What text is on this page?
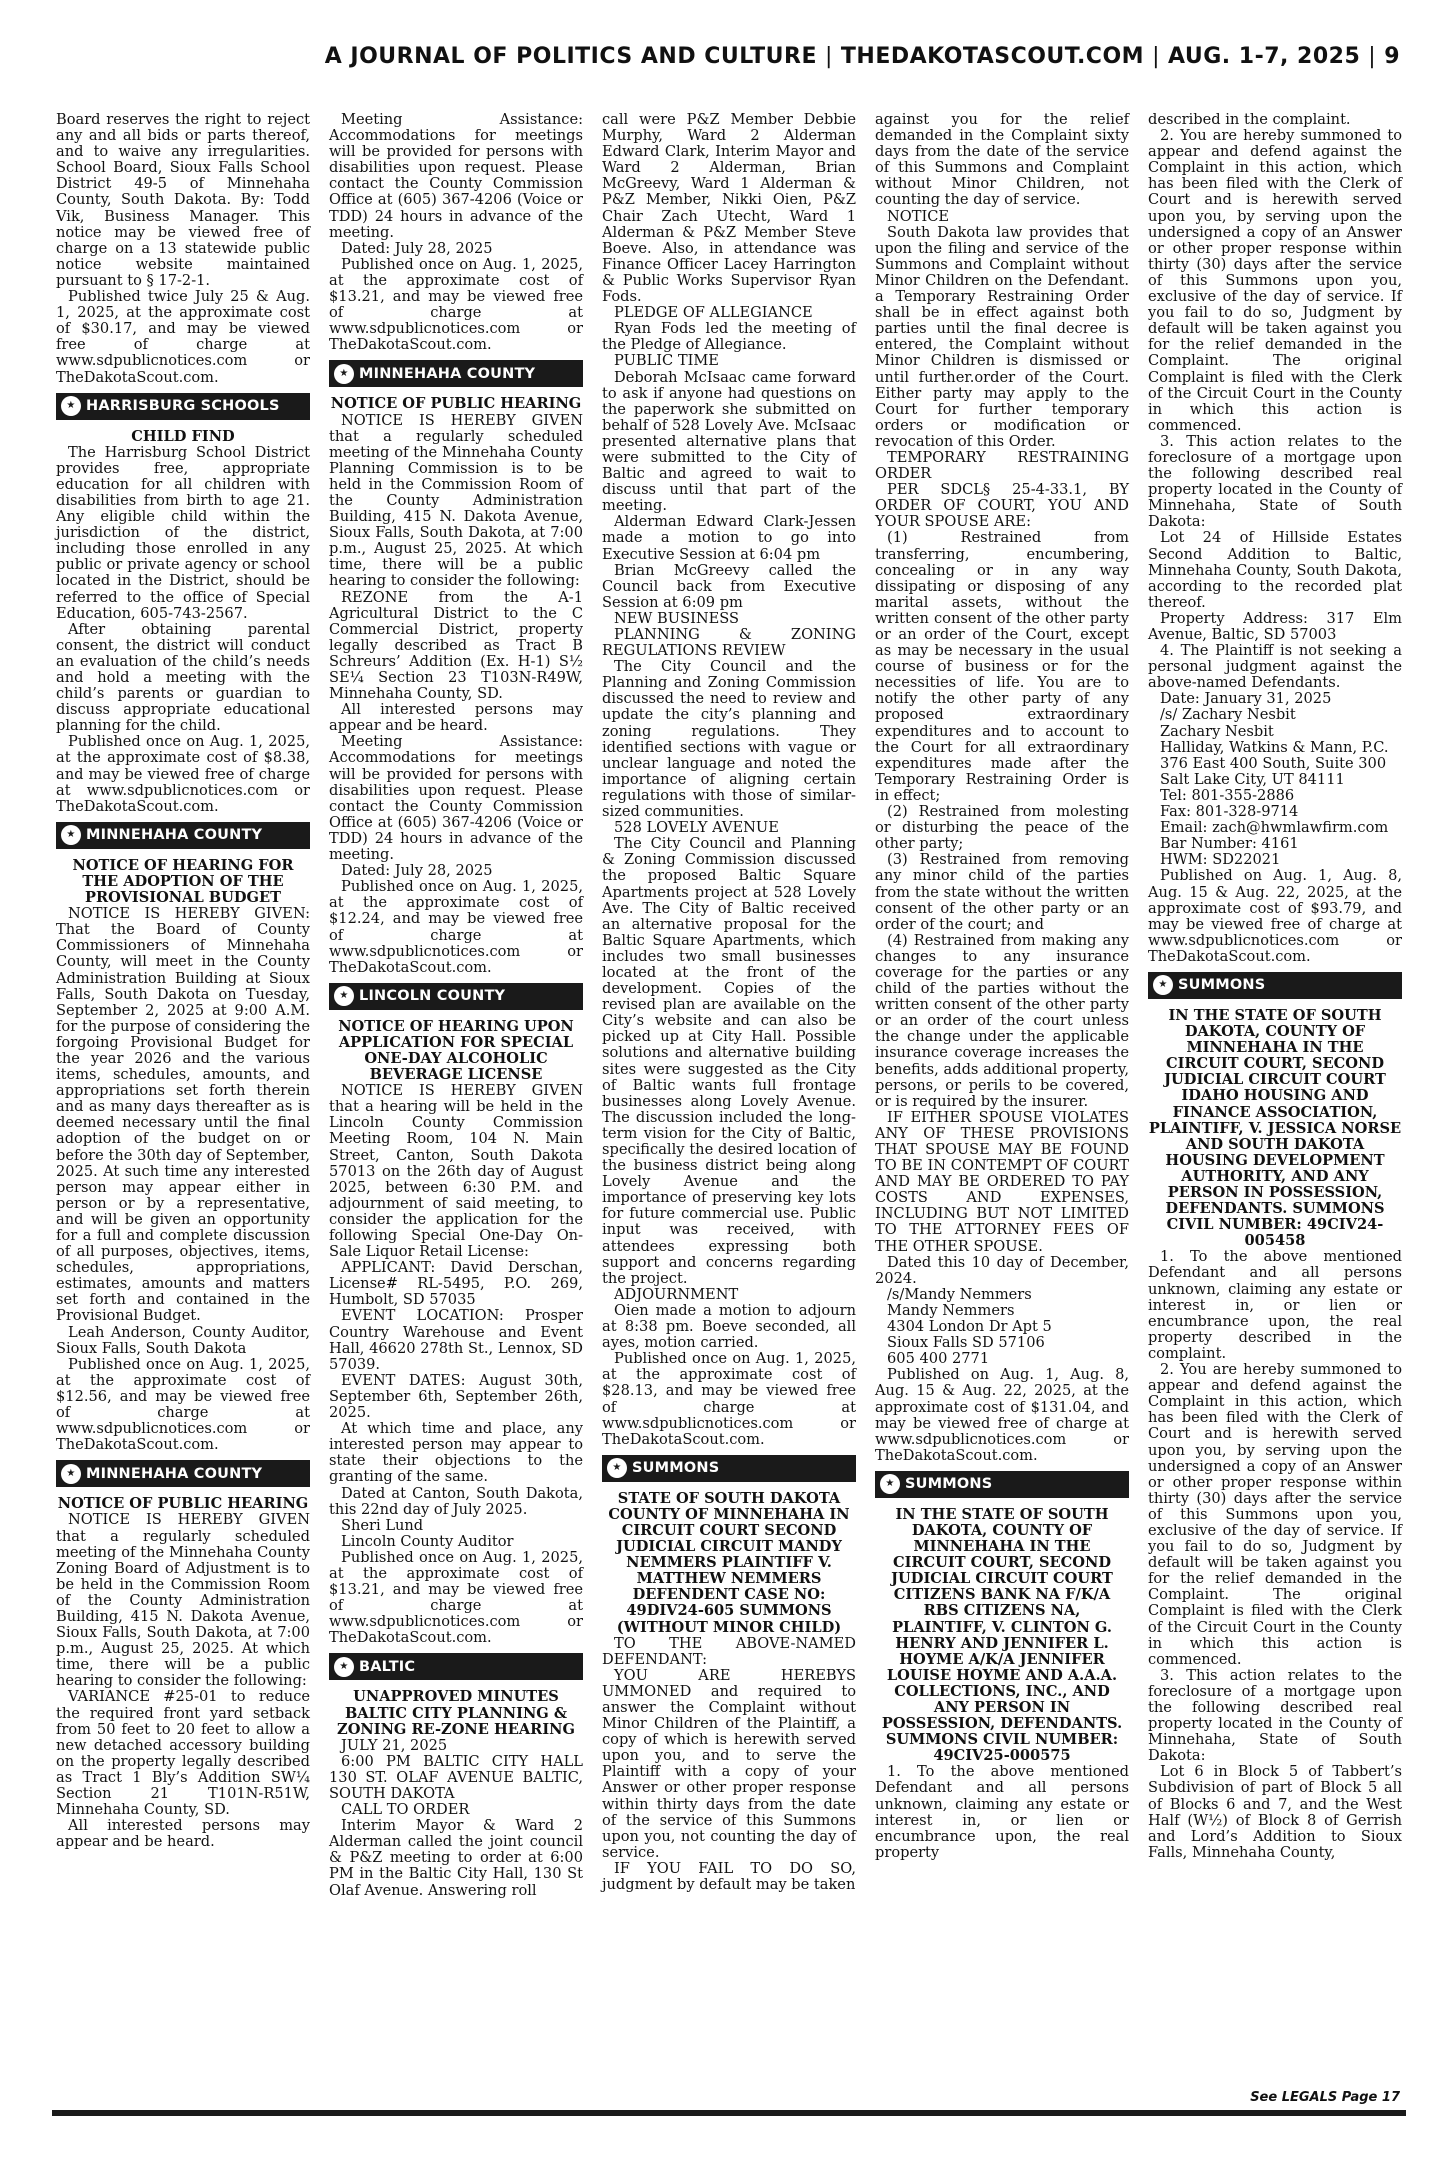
A JOURNAL OF POLITICS AND CULTURE | THEDAKOTASCOUT.COM | AUG. 1-7, 2025 | 9

Board reserves the right to reject any and all bids or parts thereof, and to waive any irregularities. School Board, Sioux Falls School District 49-5 of Minnehaha County, South Dakota. By: Todd Vik, Business Manager. This notice may be viewed free of charge on a 13 statewide public notice website maintained pursuant to § 17-2-1.

Published twice July 25 & Aug. 1, 2025, at the approximate cost of $30.17, and may be viewed free of charge at www.sdpublicnotices.com or TheDakotaScout.com.

★ HARRISBURG SCHOOLS

CHILD FIND

The Harrisburg School District provides free, appropriate education for all children with disabilities from birth to age 21. Any eligible child within the jurisdiction of the district, including those enrolled in any public or private agency or school located in the District, should be referred to the office of Special Education, 605-743-2567.

After obtaining parental consent, the district will conduct an evaluation of the child’s needs and hold a meeting with the child’s parents or guardian to discuss appropriate educational planning for the child.

Published once on Aug. 1, 2025, at the approximate cost of $8.38, and may be viewed free of charge at www.sdpublicnotices.com or TheDakotaScout.com.

★ MINNEHAHA COUNTY

NOTICE OF HEARING FOR THE ADOPTION OF THE PROVISIONAL BUDGET

NOTICE IS HEREBY GIVEN: That the Board of County Commissioners of Minnehaha County, will meet in the County Administration Building at Sioux Falls, South Dakota on Tuesday, September 2, 2025 at 9:00 A.M. for the purpose of considering the forgoing Provisional Budget for the year 2026 and the various items, schedules, amounts, and appropriations set forth therein and as many days thereafter as is deemed necessary until the final adoption of the budget on or before the 30th day of September, 2025. At such time any interested person may appear either in person or by a representative, and will be given an opportunity for a full and complete discussion of all purposes, objectives, items, schedules, appropriations, estimates, amounts and matters set forth and contained in the Provisional Budget.

Leah Anderson, County Auditor, Sioux Falls, South Dakota

Published once on Aug. 1, 2025, at the approximate cost of $12.56, and may be viewed free of charge at www.sdpublicnotices.com or TheDakotaScout.com.

★ MINNEHAHA COUNTY

NOTICE OF PUBLIC HEARING

NOTICE IS HEREBY GIVEN that a regularly scheduled meeting of the Minnehaha County Zoning Board of Adjustment is to be held in the Commission Room of the County Administration Building, 415 N. Dakota Avenue, Sioux Falls, South Dakota, at 7:00 p.m., August 25, 2025. At which time, there will be a public hearing to consider the following:

VARIANCE #25-01 to reduce the required front yard setback from 50 feet to 20 feet to allow a new detached accessory building on the property legally described as Tract 1 Bly’s Addition SW¼ Section 21 T101N-R51W, Minnehaha County, SD.

All interested persons may appear and be heard.

Meeting Assistance: Accommodations for meetings will be provided for persons with disabilities upon request. Please contact the County Commission Office at (605) 367-4206 (Voice or TDD) 24 hours in advance of the meeting.

Dated: July 28, 2025

Published once on Aug. 1, 2025, at the approximate cost of $13.21, and may be viewed free of charge at www.sdpublicnotices.com or TheDakotaScout.com.

★ MINNEHAHA COUNTY

NOTICE OF PUBLIC HEARING

NOTICE IS HEREBY GIVEN that a regularly scheduled meeting of the Minnehaha County Planning Commission is to be held in the Commission Room of the County Administration Building, 415 N. Dakota Avenue, Sioux Falls, South Dakota, at 7:00 p.m., August 25, 2025. At which time, there will be a public hearing to consider the following:

REZONE from the A-1 Agricultural District to the C Commercial District, property legally described as Tract B Schreurs’ Addition (Ex. H-1) S½ SE¼ Section 23 T103N-R49W, Minnehaha County, SD.

All interested persons may appear and be heard.

Meeting Assistance: Accommodations for meetings will be provided for persons with disabilities upon request. Please contact the County Commission Office at (605) 367-4206 (Voice or TDD) 24 hours in advance of the meeting.

Dated: July 28, 2025

Published once on Aug. 1, 2025, at the approximate cost of $12.24, and may be viewed free of charge at www.sdpublicnotices.com or TheDakotaScout.com.

★ LINCOLN COUNTY

NOTICE OF HEARING UPON APPLICATION FOR SPECIAL ONE-DAY ALCOHOLIC BEVERAGE LICENSE

NOTICE IS HEREBY GIVEN that a hearing will be held in the Lincoln County Commission Meeting Room, 104 N. Main Street, Canton, South Dakota 57013 on the 26th day of August 2025, between 6:30 P.M. and adjournment of said meeting, to consider the application for the following Special One-Day On-Sale Liquor Retail License:

APPLICANT: David Derschan, License# RL-5495, P.O. 269, Humbolt, SD 57035

EVENT LOCATION: Prosper Country Warehouse and Event Hall, 46620 278th St., Lennox, SD 57039.

EVENT DATES: August 30th, September 6th, September 26th, 2025.

At which time and place, any interested person may appear to state their objections to the granting of the same.

Dated at Canton, South Dakota, this 22nd day of July 2025.

Sheri Lund

Lincoln County Auditor

Published once on Aug. 1, 2025, at the approximate cost of $13.21, and may be viewed free of charge at www.sdpublicnotices.com or TheDakotaScout.com.

★ BALTIC

UNAPPROVED MINUTES BALTIC CITY PLANNING & ZONING RE-ZONE HEARING

JULY 21, 2025

6:00 PM BALTIC CITY HALL 130 ST. OLAF AVENUE BALTIC, SOUTH DAKOTA

CALL TO ORDER

Interim Mayor & Ward 2 Alderman called the joint council & P&Z meeting to order at 6:00 PM in the Baltic City Hall, 130 St Olaf Avenue. Answering roll

call were P&Z Member Debbie Murphy, Ward 2 Alderman Edward Clark, Interim Mayor and Ward 2 Alderman, Brian McGreevy, Ward 1 Alderman & P&Z Member, Nikki Oien, P&Z Chair Zach Utecht, Ward 1 Alderman & P&Z Member Steve Boeve. Also, in attendance was Finance Officer Lacey Harrington & Public Works Supervisor Ryan Fods.

PLEDGE OF ALLEGIANCE

Ryan Fods led the meeting of the Pledge of Allegiance.

PUBLIC TIME

Deborah McIsaac came forward to ask if anyone had questions on the paperwork she submitted on behalf of 528 Lovely Ave. McIsaac presented alternative plans that were submitted to the City of Baltic and agreed to wait to discuss until that part of the meeting.

Alderman Edward Clark-Jessen made a motion to go into Executive Session at 6:04 pm

Brian McGreevy called the Council back from Executive Session at 6:09 pm

NEW BUSINESS

PLANNING & ZONING REGULATIONS REVIEW

The City Council and the Planning and Zoning Commission discussed the need to review and update the city’s planning and zoning regulations. They identified sections with vague or unclear language and noted the importance of aligning certain regulations with those of similar-sized communities.

528 LOVELY AVENUE

The City Council and Planning & Zoning Commission discussed the proposed Baltic Square Apartments project at 528 Lovely Ave. The City of Baltic received an alternative proposal for the Baltic Square Apartments, which includes two small businesses located at the front of the development. Copies of the revised plan are available on the City’s website and can also be picked up at City Hall. Possible solutions and alternative building sites were suggested as the City of Baltic wants full frontage businesses along Lovely Avenue. The discussion included the long-term vision for the City of Baltic, specifically the desired location of the business district being along Lovely Avenue and the importance of preserving key lots for future commercial use. Public input was received, with attendees expressing both support and concerns regarding the project.

ADJOURNMENT

Oien made a motion to adjourn at 8:38 pm. Boeve seconded, all ayes, motion carried.

Published once on Aug. 1, 2025, at the approximate cost of $28.13, and may be viewed free of charge at www.sdpublicnotices.com or TheDakotaScout.com.

★ SUMMONS

STATE OF SOUTH DAKOTA COUNTY OF MINNEHAHA IN CIRCUIT COURT SECOND JUDICIAL CIRCUIT MANDY NEMMERS PLAINTIFF V. MATTHEW NEMMERS DEFENDENT CASE NO: 49DIV24-605 SUMMONS (WITHOUT MINOR CHILD)

TO THE ABOVE-NAMED DEFENDANT:

YOU ARE HEREBYS UMMONED and required to answer the Complaint without Minor Children of the Plaintiff, a copy of which is herewith served upon you, and to serve the Plaintiff with a copy of your Answer or other proper response within thirty days from the date of the service of this Summons upon you, not counting the day of service.

IF YOU FAIL TO DO SO, judgment by default may be taken

against you for the relief demanded in the Complaint sixty days from the date of the service of this Summons and Complaint without Minor Children, not counting the day of service.

NOTICE

South Dakota law provides that upon the filing and service of the Summons and Complaint without Minor Children on the Defendant. a Temporary Restraining Order shall be in effect against both parties until the final decree is entered, the Complaint without Minor Children is dismissed or until further.order of the Court. Either party may apply to the Court for further temporary orders or modification or revocation of this Order.

TEMPORARY RESTRAINING ORDER

PER SDCL§ 25-4-33.1, BY ORDER OF COURT, YOU AND YOUR SPOUSE ARE:

(1) Restrained from transferring, encumbering, concealing or in any way dissipating or disposing of any marital assets, without the written consent of the other party or an order of the Court, except as may be necessary in the usual course of business or for the necessities of life. You are to notify the other party of any proposed extraordinary expenditures and to account to the Court for all extraordinary expenditures made after the Temporary Restraining Order is in effect;

(2) Restrained from molesting or disturbing the peace of the other party;

(3) Restrained from removing any minor child of the parties from the state without the written consent of the other party or an order of the court; and

(4) Restrained from making any changes to any insurance coverage for the parties or any child of the parties without the written consent of the other party or an order of the court unless the change under the applicable insurance coverage increases the benefits, adds additional property, persons, or perils to be covered, or is required by the insurer.

IF EITHER SPOUSE VIOLATES ANY OF THESE PROVISIONS THAT SPOUSE MAY BE FOUND TO BE IN CONTEMPT OF COURT AND MAY BE ORDERED TO PAY COSTS AND EXPENSES, INCLUDING BUT NOT LIMITED TO THE ATTORNEY FEES OF THE OTHER SPOUSE.

Dated this 10 day of December, 2024.

/s/Mandy Nemmers

Mandy Nemmers

4304 London Dr Apt 5

Sioux Falls SD 57106

605 400 2771

Published on Aug. 1, Aug. 8, Aug. 15 & Aug. 22, 2025, at the approximate cost of $131.04, and may be viewed free of charge at www.sdpublicnotices.com or TheDakotaScout.com.

★ SUMMONS

IN THE STATE OF SOUTH DAKOTA, COUNTY OF MINNEHAHA IN THE CIRCUIT COURT, SECOND JUDICIAL CIRCUIT COURT CITIZENS BANK NA F/K/A RBS CITIZENS NA, PLAINTIFF, V. CLINTON G. HENRY AND JENNIFER L. HOYME A/K/A JENNIFER LOUISE HOYME AND A.A.A. COLLECTIONS, INC., AND ANY PERSON IN POSSESSION, DEFENDANTS. SUMMONS CIVIL NUMBER: 49CIV25-000575

1. To the above mentioned Defendant and all persons unknown, claiming any estate or interest in, or lien or encumbrance upon, the real property

described in the complaint.

2. You are hereby summoned to appear and defend against the Complaint in this action, which has been filed with the Clerk of Court and is herewith served upon you, by serving upon the undersigned a copy of an Answer or other proper response within thirty (30) days after the service of this Summons upon you, exclusive of the day of service. If you fail to do so, Judgment by default will be taken against you for the relief demanded in the Complaint. The original Complaint is filed with the Clerk of the Circuit Court in the County in which this action is commenced.

3. This action relates to the foreclosure of a mortgage upon the following described real property located in the County of Minnehaha, State of South Dakota:

Lot 24 of Hillside Estates Second Addition to Baltic, Minnehaha County, South Dakota, according to the recorded plat thereof.

Property Address: 317 Elm Avenue, Baltic, SD 57003

4. The Plaintiff is not seeking a personal judgment against the above-named Defendants.

Date: January 31, 2025

/s/ Zachary Nesbit

Zachary Nesbit

Halliday, Watkins & Mann, P.C.

376 East 400 South, Suite 300

Salt Lake City, UT 84111

Tel: 801-355-2886

Fax: 801-328-9714

Email: zach@hwmlawfirm.com

Bar Number: 4161

HWM: SD22021

Published on Aug. 1, Aug. 8, Aug. 15 & Aug. 22, 2025, at the approximate cost of $93.79, and may be viewed free of charge at www.sdpublicnotices.com or TheDakotaScout.com.

★ SUMMONS

IN THE STATE OF SOUTH DAKOTA, COUNTY OF MINNEHAHA IN THE CIRCUIT COURT, SECOND JUDICIAL CIRCUIT COURT IDAHO HOUSING AND FINANCE ASSOCIATION, PLAINTIFF, V. JESSICA NORSE AND SOUTH DAKOTA HOUSING DEVELOPMENT AUTHORITY, AND ANY PERSON IN POSSESSION, DEFENDANTS. SUMMONS CIVIL NUMBER: 49CIV24-005458

1. To the above mentioned Defendant and all persons unknown, claiming any estate or interest in, or lien or encumbrance upon, the real property described in the complaint.

2. You are hereby summoned to appear and defend against the Complaint in this action, which has been filed with the Clerk of Court and is herewith served upon you, by serving upon the undersigned a copy of an Answer or other proper response within thirty (30) days after the service of this Summons upon you, exclusive of the day of service. If you fail to do so, Judgment by default will be taken against you for the relief demanded in the Complaint. The original Complaint is filed with the Clerk of the Circuit Court in the County in which this action is commenced.

3. This action relates to the foreclosure of a mortgage upon the following described real property located in the County of Minnehaha, State of South Dakota:

Lot 6 in Block 5 of Tabbert’s Subdivision of part of Block 5 all of Blocks 6 and 7, and the West Half (W½) of Block 8 of Gerrish and Lord’s Addition to Sioux Falls, Minnehaha County,

See LEGALS Page 17
